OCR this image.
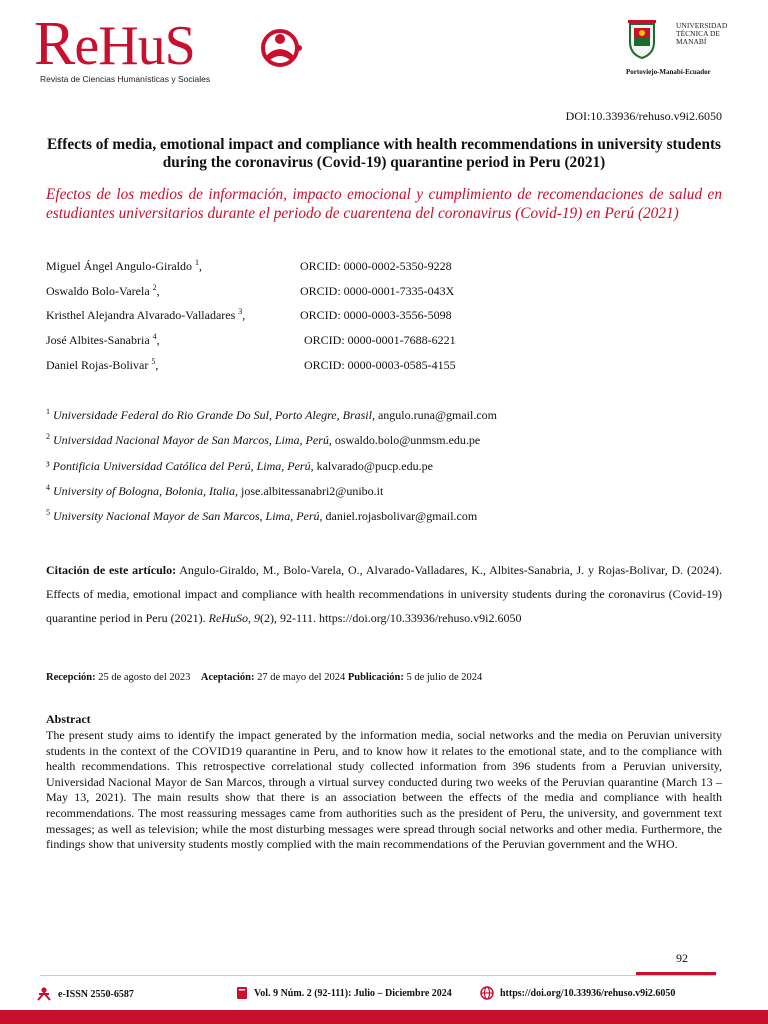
ReHuS
Revista de Ciencias Humanísticas y Sociales
UNIVERSIDAD
TÉCNICA DE
MANABÍ
Portoviejo-Manabí-Ecuador
DOI:10.33936/rehuso.v9i2.6050
Effects of media, emotional impact and compliance with health recommendations in university students during the coronavirus (Covid-19) quarantine period in Peru (2021)
Efectos de los medios de información, impacto emocional y cumplimiento de recomendaciones de salud en estudiantes universitarios durante el periodo de cuarentena del coronavirus (Covid-19) en Perú (2021)
Miguel Ángel Angulo-Giraldo $^1$,	ORCID: 0000-0002-5350-9228
Oswaldo Bolo-Varela $^2$,	ORCID: 0000-0001-7335-043X
Kristhel Alejandra Alvarado-Valladares $^3$,	ORCID: 0000-0003-3556-5098
José Albites-Sanabria $^4$,	ORCID: 0000-0001-7688-6221
Daniel Rojas-Bolivar $^5$,	ORCID: 0000-0003-0585-4155
$^1$ Universidade Federal do Rio Grande Do Sul, Porto Alegre, Brasil, angulo.runa@gmail.com
$^2$ Universidad Nacional Mayor de San Marcos, Lima, Perú, oswaldo.bolo@unmsm.edu.pe
³ Pontificia Universidad Católica del Perú, Lima, Perú, kalvarado@pucp.edu.pe
$^4$ University of Bologna, Bolonia, Italia, jose.albitessanabri2@unibo.it
$^5$ University Nacional Mayor de San Marcos, Lima, Perú, daniel.rojasbolivar@gmail.com
Citación de este artículo: Angulo-Giraldo, M., Bolo-Varela, O., Alvarado-Valladares, K., Albites-Sanabria, J. y Rojas-Bolivar, D. (2024). Effects of media, emotional impact and compliance with health recommendations in university students during the coronavirus (Covid-19) quarantine period in Peru (2021). ReHuSo, 9(2), 92-111. https://doi.org/10.33936/rehuso.v9i2.6050
Recepción: 25 de agosto del 2023 Aceptación: 27 de mayo del 2024 Publicación: 5 de julio de 2024
Abstract
The present study aims to identify the impact generated by the information media, social networks and the media on Peruvian university students in the context of the COVID19 quarantine in Peru, and to know how it relates to the emotional state, and to the compliance with health recommendations. This retrospective correlational study collected information from 396 students from a Peruvian university, Universidad Nacional Mayor de San Marcos, through a virtual survey conducted during two weeks of the Peruvian quarantine (March 13 – May 13, 2021). The main results show that there is an association between the effects of the media and compliance with health recommendations. The most reassuring messages came from authorities such as the president of Peru, the university, and government text messages; as well as television; while the most disturbing messages were spread through social networks and other media. Furthermore, the findings show that university students mostly complied with the main recommendations of the Peruvian government and the WHO.
92
e-ISSN 2550-6587	Vol. 9 Núm. 2 (92-111): Julio – Diciembre 2024	https://doi.org/10.33936/rehuso.v9i2.6050
